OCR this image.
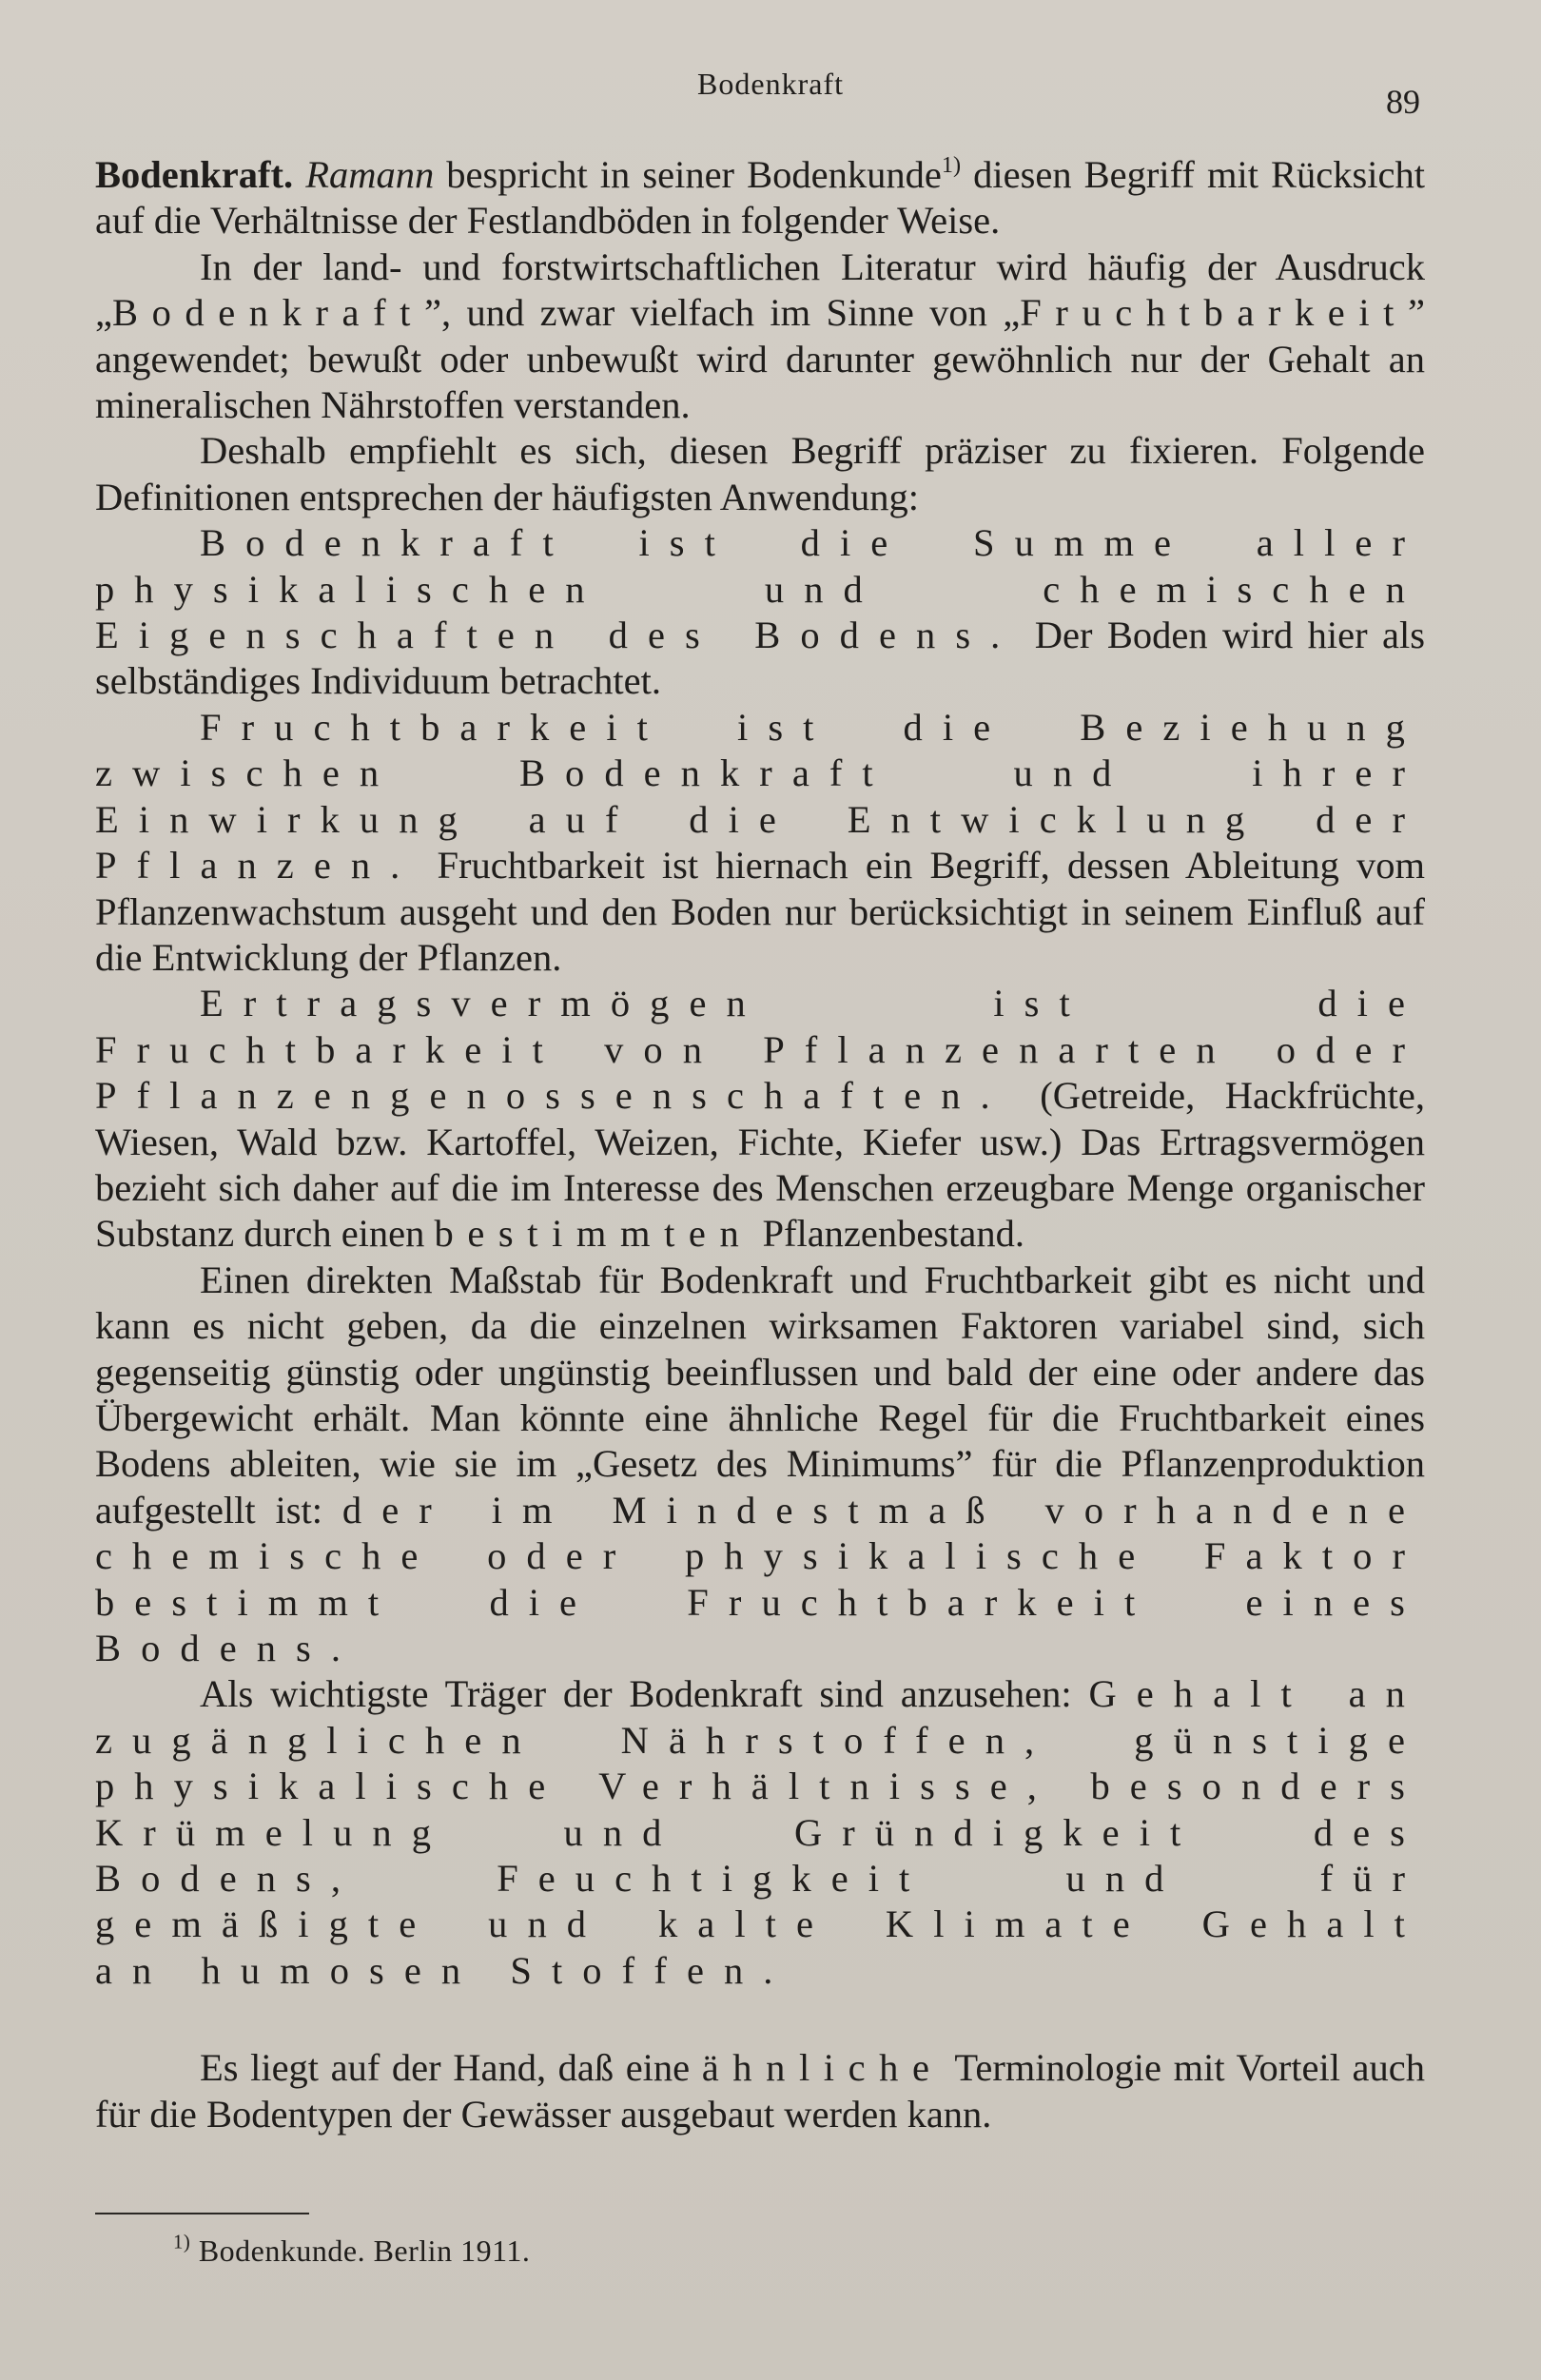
Bodenkraft	89

Bodenkraft. Ramann bespricht in seiner Bodenkunde$^{1)}$ diesen Begriff mit Rücksicht auf die Verhältnisse der Festlandböden in folgender Weise.

In der land- und forstwirtschaftlichen Literatur wird häufig der Ausdruck „Bodenkraft”, und zwar vielfach im Sinne von „Fruchtbarkeit” angewendet; bewußt oder unbewußt wird darunter gewöhnlich nur der Gehalt an mineralischen Nährstoffen verstanden.

Deshalb empfiehlt es sich, diesen Begriff präziser zu fixieren. Folgende Definitionen entsprechen der häufigsten Anwendung:

Bodenkraft ist die Summe aller physikalischen und chemischen Eigenschaften des Bodens. Der Boden wird hier als selbständiges Individuum betrachtet.

Fruchtbarkeit ist die Beziehung zwischen Bodenkraft und ihrer Einwirkung auf die Entwicklung der Pflanzen. Fruchtbarkeit ist hiernach ein Begriff, dessen Ableitung vom Pflanzenwachstum ausgeht und den Boden nur berücksichtigt in seinem Einfluß auf die Entwicklung der Pflanzen.

Ertragsvermögen ist die Fruchtbarkeit von Pflanzenarten oder Pflanzengenossenschaften. (Getreide, Hackfrüchte, Wiesen, Wald bzw. Kartoffel, Weizen, Fichte, Kiefer usw.) Das Ertragsvermögen bezieht sich daher auf die im Interesse des Menschen erzeugbare Menge organischer Substanz durch einen bestimmten Pflanzenbestand.

Einen direkten Maßstab für Bodenkraft und Fruchtbarkeit gibt es nicht und kann es nicht geben, da die einzelnen wirksamen Faktoren variabel sind, sich gegenseitig günstig oder ungünstig beeinflussen und bald der eine oder andere das Übergewicht erhält. Man könnte eine ähnliche Regel für die Fruchtbarkeit eines Bodens ableiten, wie sie im „Gesetz des Minimums” für die Pflanzenproduktion aufgestellt ist: der im Mindestmaß vorhandene chemische oder physikalische Faktor bestimmt die Fruchtbarkeit eines Bodens.

Als wichtigste Träger der Bodenkraft sind anzusehen: Gehalt an zugänglichen Nährstoffen, günstige physikalische Verhältnisse, besonders Krümelung und Gründigkeit des Bodens, Feuchtigkeit und für gemäßigte und kalte Klimate Gehalt an humosen Stoffen.

Es liegt auf der Hand, daß eine ähnliche Terminologie mit Vorteil auch für die Bodentypen der Gewässer ausgebaut werden kann.

$^{1)}$ Bodenkunde. Berlin 1911.
